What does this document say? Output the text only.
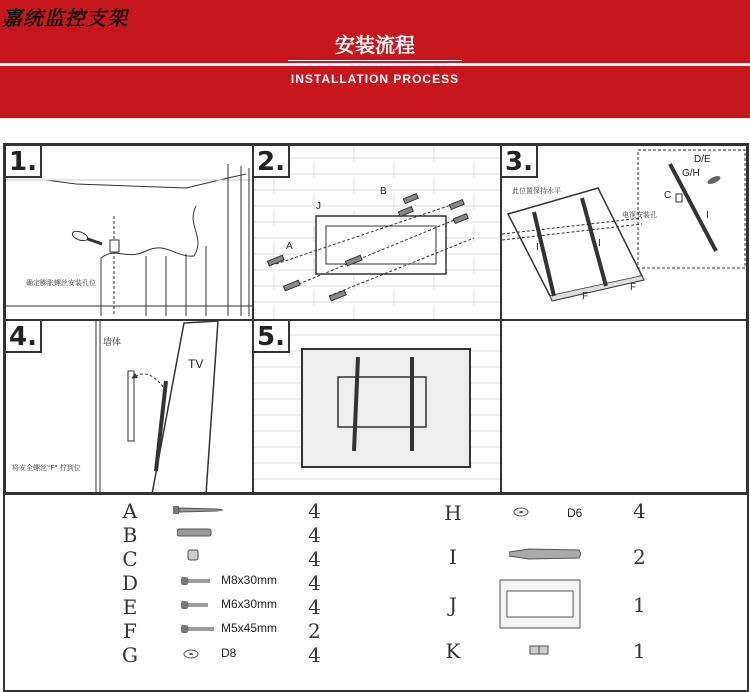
嘉统监控支架
安装流程
INSTALLATION PROCESS
1.
确定膨胀螺丝安装孔位
2.
B
J
A
3.
此位置保持水平
电视安装孔
D/E
G/H
C
I
I	I
F
F
4.	墙体
TV
将安全螺丝"F" 拧到位
5.
A	4
B	4
C	4
D	M8x30mm 4
E	M6x30mm 4
F	M5x45mm 2
G	D8	4
H	D6	4
I	2
J	1
K	1
